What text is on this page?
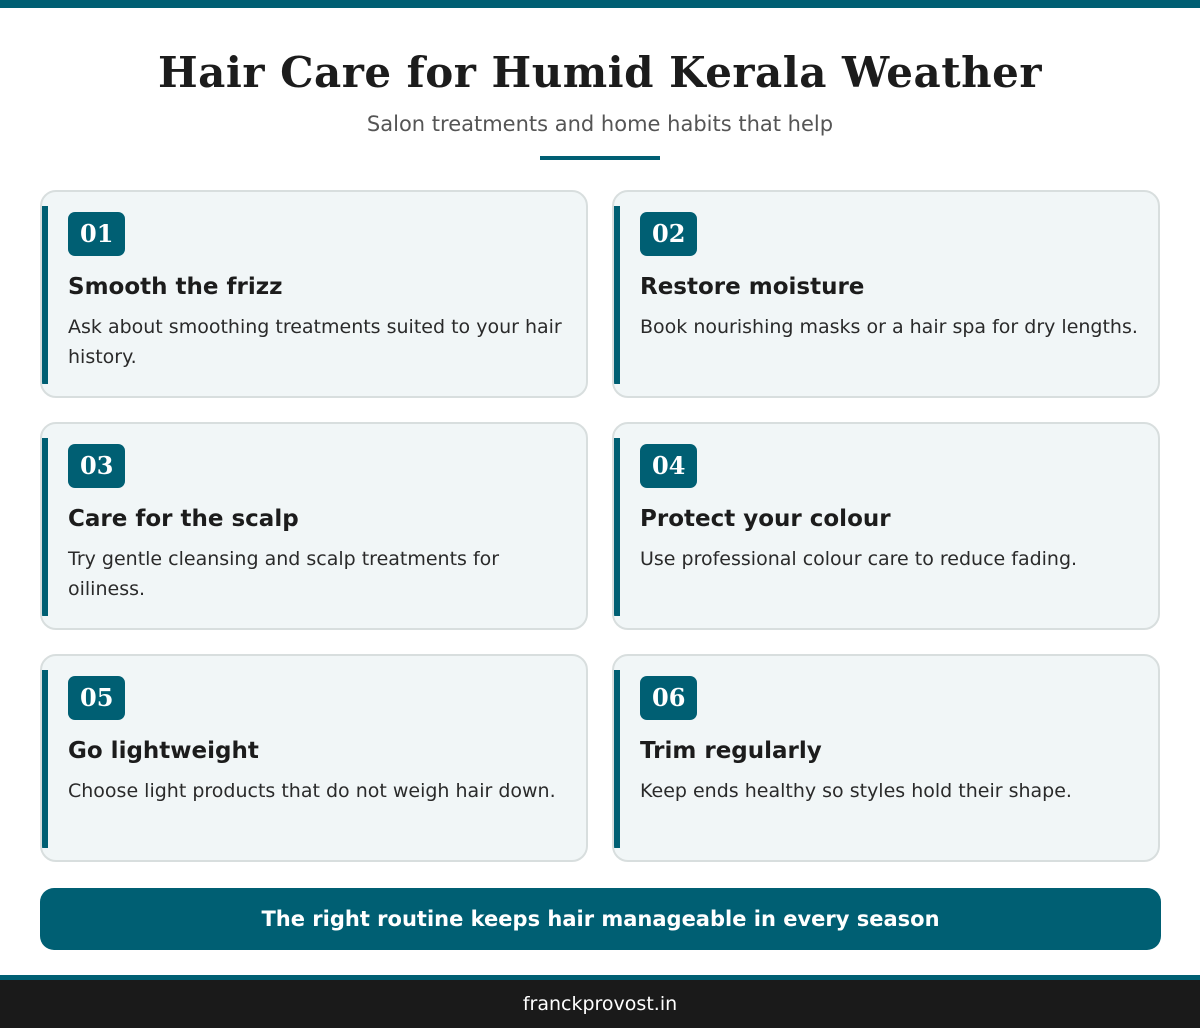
Hair Care for Humid Kerala Weather

Salon treatments and home habits that help

01
Smooth the frizz
Ask about smoothing treatments suited to your hair history.
02
Restore moisture
Book nourishing masks or a hair spa for dry lengths.
03
Care for the scalp
Try gentle cleansing and scalp treatments for oiliness.
04
Protect your colour
Use professional colour care to reduce fading.
05
Go lightweight
Choose light products that do not weigh hair down.
06
Trim regularly
Keep ends healthy so styles hold their shape.
The right routine keeps hair manageable in every season
franckprovost.in
